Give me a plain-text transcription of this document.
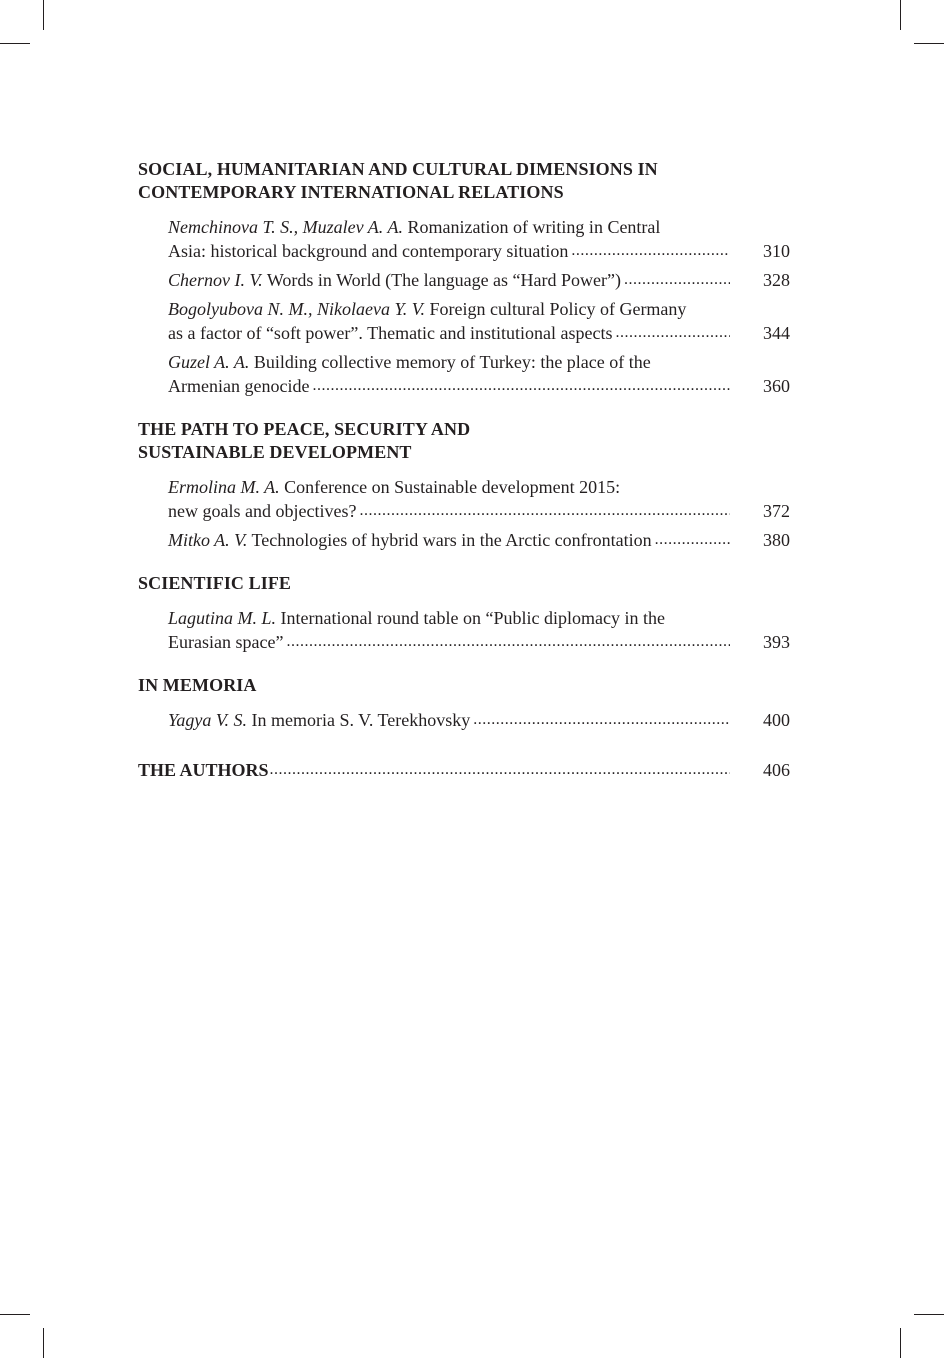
SOCIAL, HUMANITARIAN AND CULTURAL DIMENSIONS IN
CONTEMPORARY INTERNATIONAL RELATIONS
Nemchinova T. S., Muzalev A. A. Romanization of writing in Central
Asia: historical background and contemporary situation .....	310
Chernov I. V. Words in World (The language as “Hard Power”) .....	328
Bogolyubova N. M., Nikolaeva Y. V. Foreign cultural Policy of Germany
as a factor of “soft power”. Thematic and institutional aspects .....	344
Guzel A. A. Building collective memory of Turkey: the place of the
Armenian genocide .....	360
THE PATH TO PEACE, SECURITY AND
SUSTAINABLE DEVELOPMENT
Ermolina M. A. Conference on Sustainable development 2015:
new goals and objectives? .....	372
Mitko A. V. Technologies of hybrid wars in the Arctic confrontation .....	380
SCIENTIFIC LIFE
Lagutina M. L. International round table on “Public diplomacy in the
Eurasian space” .....	393
IN MEMORIA
Yagya V. S. In memoria S. V. Terekhovsky .....	400
THE AUTHORS .....	406
